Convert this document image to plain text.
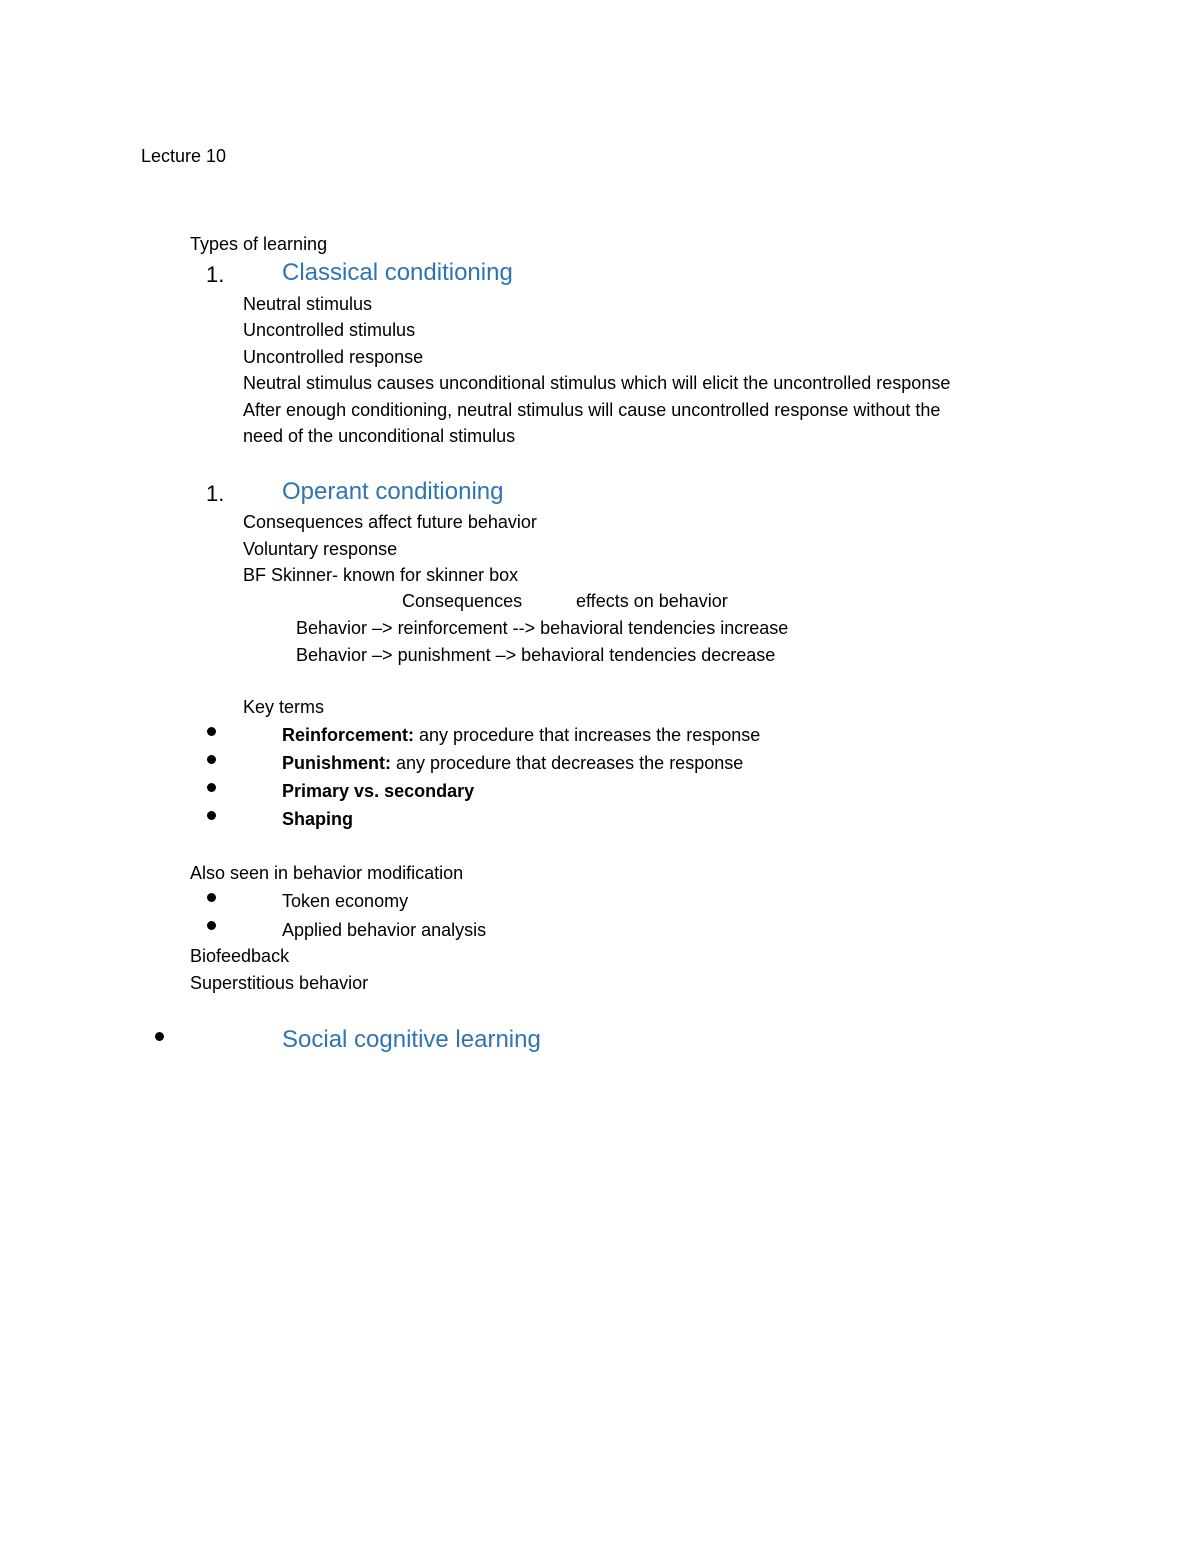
Lecture 10
Types of learning
1. Classical conditioning
Neutral stimulus
Uncontrolled stimulus
Uncontrolled response
Neutral stimulus causes unconditional stimulus which will elicit the uncontrolled response
After enough conditioning, neutral stimulus will cause uncontrolled response without the
need of the unconditional stimulus
1. Operant conditioning
Consequences affect future behavior
Voluntary response
BF Skinner- known for skinner box
Consequences	effects on behavior
Behavior –> reinforcement --> behavioral tendencies increase
Behavior –> punishment –> behavioral tendencies decrease
Key terms
Reinforcement: any procedure that increases the response
Punishment: any procedure that decreases the response
Primary vs. secondary
Shaping
Also seen in behavior modification
Token economy
Applied behavior analysis
Biofeedback
Superstitious behavior
Social cognitive learning
